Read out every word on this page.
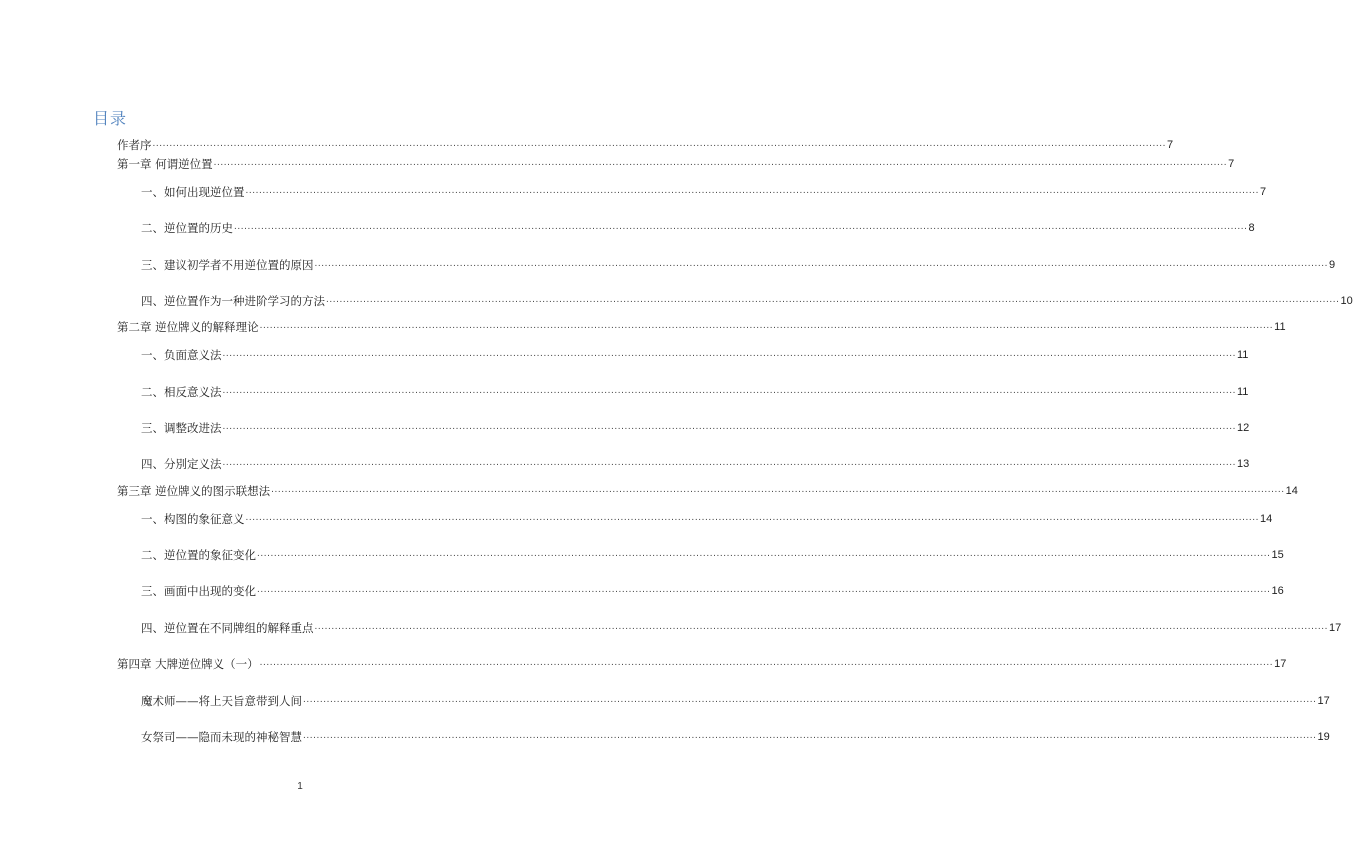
目录
作者序 ............................................................................................................................................................................................................................................................................................................ 7
第一章 何谓逆位置 ............................................................................................................................................................................................................................................................................................................ 7
一、如何出现逆位置 ............................................................................................................................................................................................................................................................................................................ 7
二、逆位置的历史 ............................................................................................................................................................................................................................................................................................................ 8
三、建议初学者不用逆位置的原因 ............................................................................................................................................................................................................................................................................................................ 9
四、逆位置作为一种进阶学习的方法 ............................................................................................................................................................................................................................................................................................................ 10
第二章 逆位牌义的解释理论 ............................................................................................................................................................................................................................................................................................................ 11
一、负面意义法 ............................................................................................................................................................................................................................................................................................................ 11
二、相反意义法 ............................................................................................................................................................................................................................................................................................................ 11
三、调整改进法 ............................................................................................................................................................................................................................................................................................................ 12
四、分別定义法 ............................................................................................................................................................................................................................................................................................................ 13
第三章 逆位牌义的图示联想法 ............................................................................................................................................................................................................................................................................................................ 14
一、构图的象征意义 ............................................................................................................................................................................................................................................................................................................ 14
二、逆位置的象征变化 ............................................................................................................................................................................................................................................................................................................ 15
三、画面中出现的变化 ............................................................................................................................................................................................................................................................................................................ 16
四、逆位置在不同牌组的解释重点 ............................................................................................................................................................................................................................................................................................................ 17
第四章 大牌逆位牌义（一） ............................................................................................................................................................................................................................................................................................................ 17
魔术师——将上天旨意带到人间 ............................................................................................................................................................................................................................................................................................................ 17
女祭司——隐而未现的神秘智慧 ............................................................................................................................................................................................................................................................................................................ 19
1
